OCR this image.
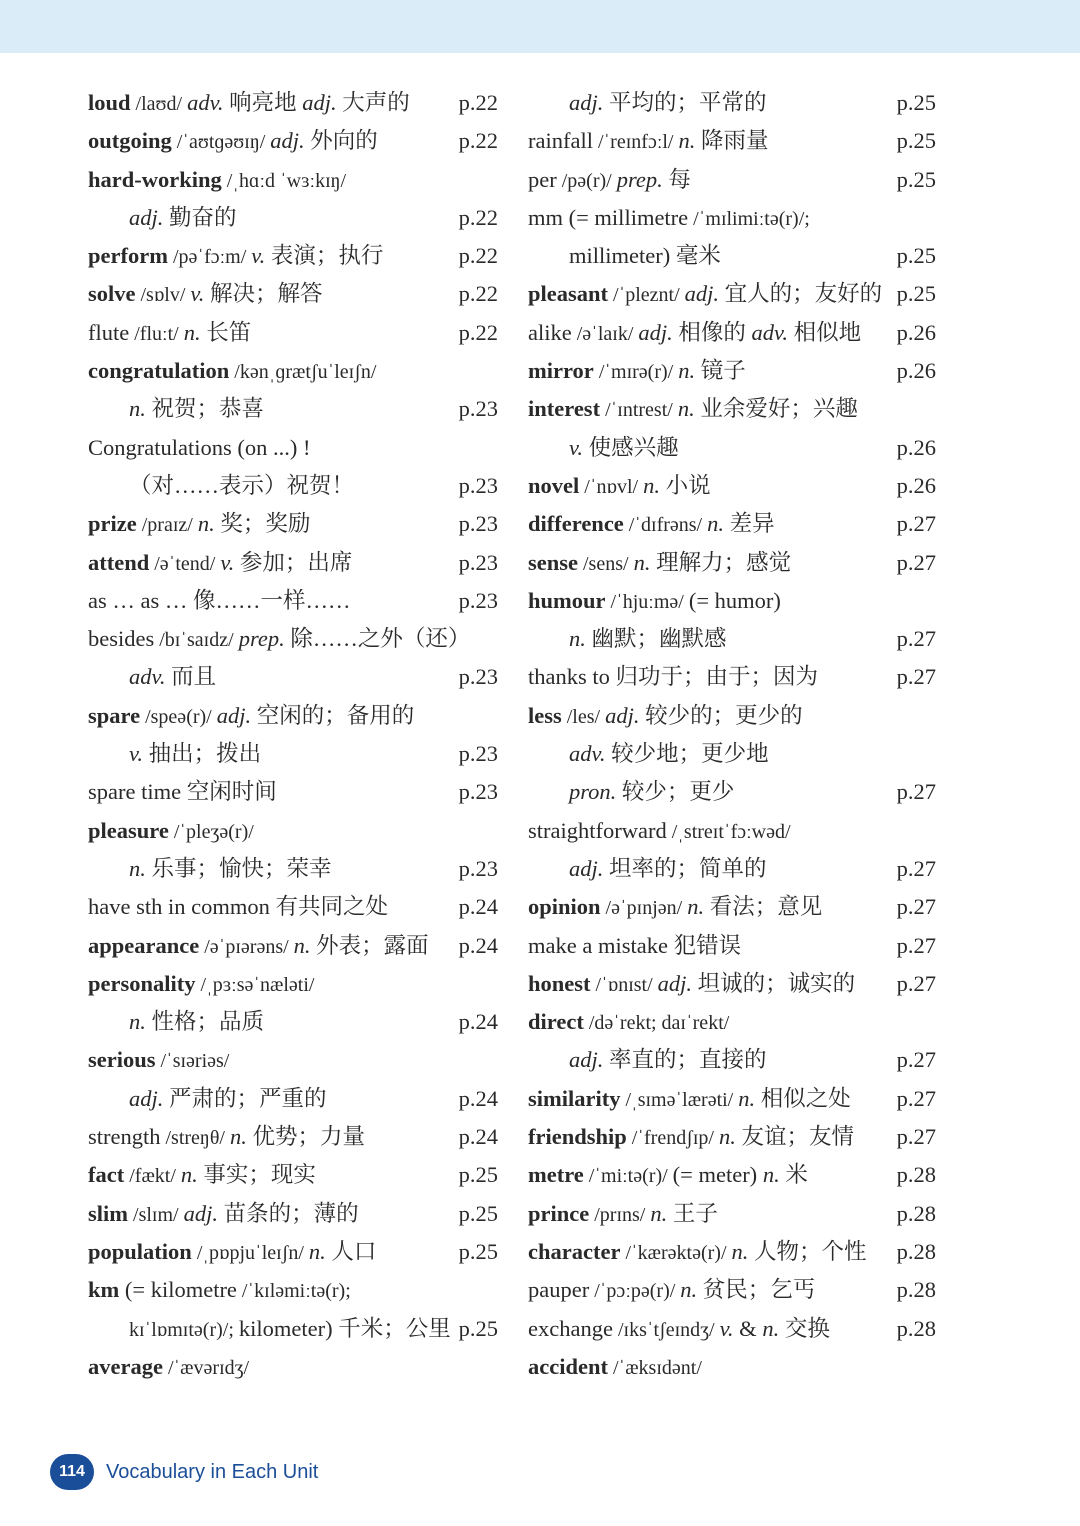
loud /laʊd/ adv. 响亮地 adj. 大声的 p.22
outgoing /ˈaʊtɡəʊɪŋ/ adj. 外向的	p.22
hard-working /ˌhɑːd ˈwɜːkɪŋ/
adj. 勤奋的	p.22
perform /pəˈfɔːm/ v. 表演；执行	p.22
solve /sɒlv/ v. 解决；解答	p.22
flute /fluːt/ n. 长笛	p.22
congratulation /kənˌɡrætʃuˈleɪʃn/
n. 祝贺；恭喜	p.23
Congratulations (on ...) !
（对……表示）祝贺！	p.23
prize /praɪz/ n. 奖；奖励	p.23
attend /əˈtend/ v. 参加；出席	p.23
as … as … 像……一样……	p.23
besides /bɪˈsaɪdz/ prep. 除……之外（还）
adv. 而且	p.23
spare /speə(r)/ adj. 空闲的；备用的
v. 抽出；拨出	p.23
spare time 空闲时间	p.23
pleasure /ˈpleʒə(r)/
n. 乐事；愉快；荣幸	p.23
have sth in common 有共同之处	p.24
appearance /əˈpɪərəns/ n. 外表；露面 p.24
personality /ˌpɜːsəˈnæləti/
n. 性格；品质	p.24
serious /ˈsɪəriəs/
adj. 严肃的；严重的	p.24
strength /streŋθ/ n. 优势；力量	p.24
fact /fækt/ n. 事实；现实	p.25
slim /slɪm/ adj. 苗条的；薄的	p.25
population /ˌpɒpjuˈleɪʃn/ n. 人口	p.25
km (= kilometre /ˈkɪləmiːtə(r);
kɪˈlɒmɪtə(r)/; kilometer) 千米；公里 p.25
average /ˈævərɪdʒ/
adj. 平均的；平常的	p.25
rainfall /ˈreɪnfɔːl/ n. 降雨量	p.25
per /pə(r)/ prep. 每	p.25
mm (= millimetre /ˈmɪlimiːtə(r)/;
millimeter) 毫米	p.25
pleasant /ˈpleznt/ adj. 宜人的；友好的 p.25
alike /əˈlaɪk/ adj. 相像的 adv. 相似地 p.26
mirror /ˈmɪrə(r)/ n. 镜子	p.26
interest /ˈɪntrest/ n. 业余爱好；兴趣
v. 使感兴趣	p.26
novel /ˈnɒvl/ n. 小说	p.26
difference /ˈdɪfrəns/ n. 差异	p.27
sense /sens/ n. 理解力；感觉	p.27
humour /ˈhjuːmə/ (= humor)
n. 幽默；幽默感	p.27
thanks to 归功于；由于；因为	p.27
less /les/ adj. 较少的；更少的
adv. 较少地；更少地
pron. 较少；更少	p.27
straightforward /ˌstreɪtˈfɔːwəd/
adj. 坦率的；简单的	p.27
opinion /əˈpɪnjən/ n. 看法；意见	p.27
make a mistake 犯错误	p.27
honest /ˈɒnɪst/ adj. 坦诚的；诚实的 p.27
direct /dəˈrekt; daɪˈrekt/
adj. 率直的；直接的	p.27
similarity /ˌsɪməˈlærəti/ n. 相似之处 p.27
friendship /ˈfrendʃɪp/ n. 友谊；友情 p.27
metre /ˈmiːtə(r)/ (= meter) n. 米	p.28
prince /prɪns/ n. 王子	p.28
character /ˈkærəktə(r)/ n. 人物；个性 p.28
pauper /ˈpɔːpə(r)/ n. 贫民；乞丐	p.28
exchange /ɪksˈtʃeɪndʒ/ v. & n. 交换	p.28
accident /ˈæksɪdənt/
114	Vocabulary in Each Unit
